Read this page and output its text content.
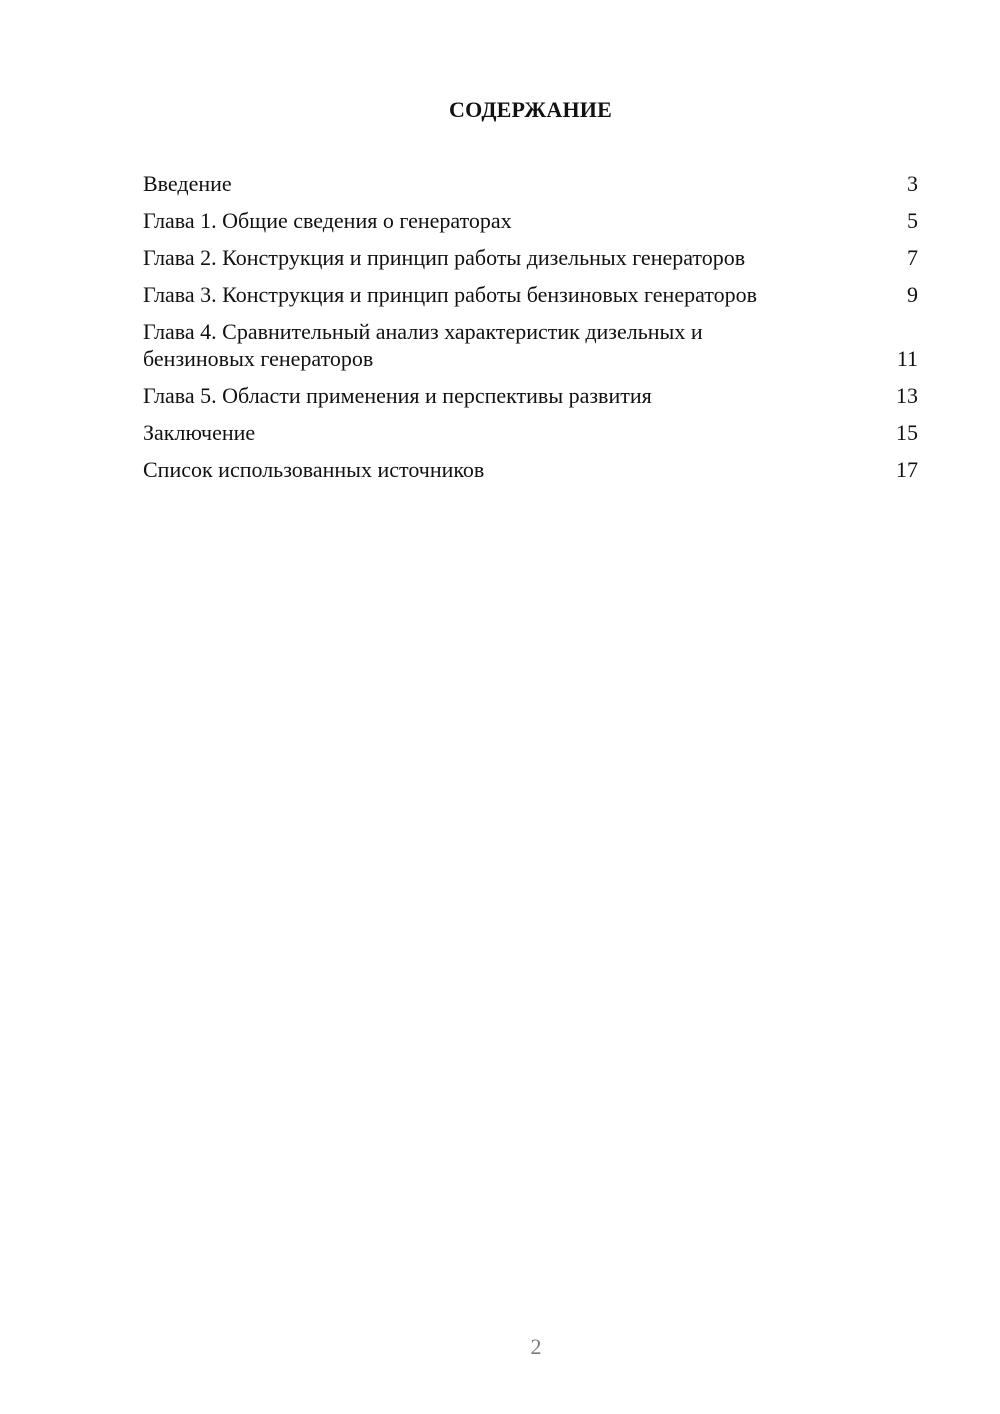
СОДЕРЖАНИЕ
Введение	3
Глава 1. Общие сведения о генераторах	5
Глава 2. Конструкция и принцип работы дизельных генераторов	7
Глава 3. Конструкция и принцип работы бензиновых генераторов	9
Глава 4. Сравнительный анализ характеристик дизельных и бензиновых генераторов	11
Глава 5. Области применения и перспективы развития	13
Заключение	15
Список использованных источников	17
2
